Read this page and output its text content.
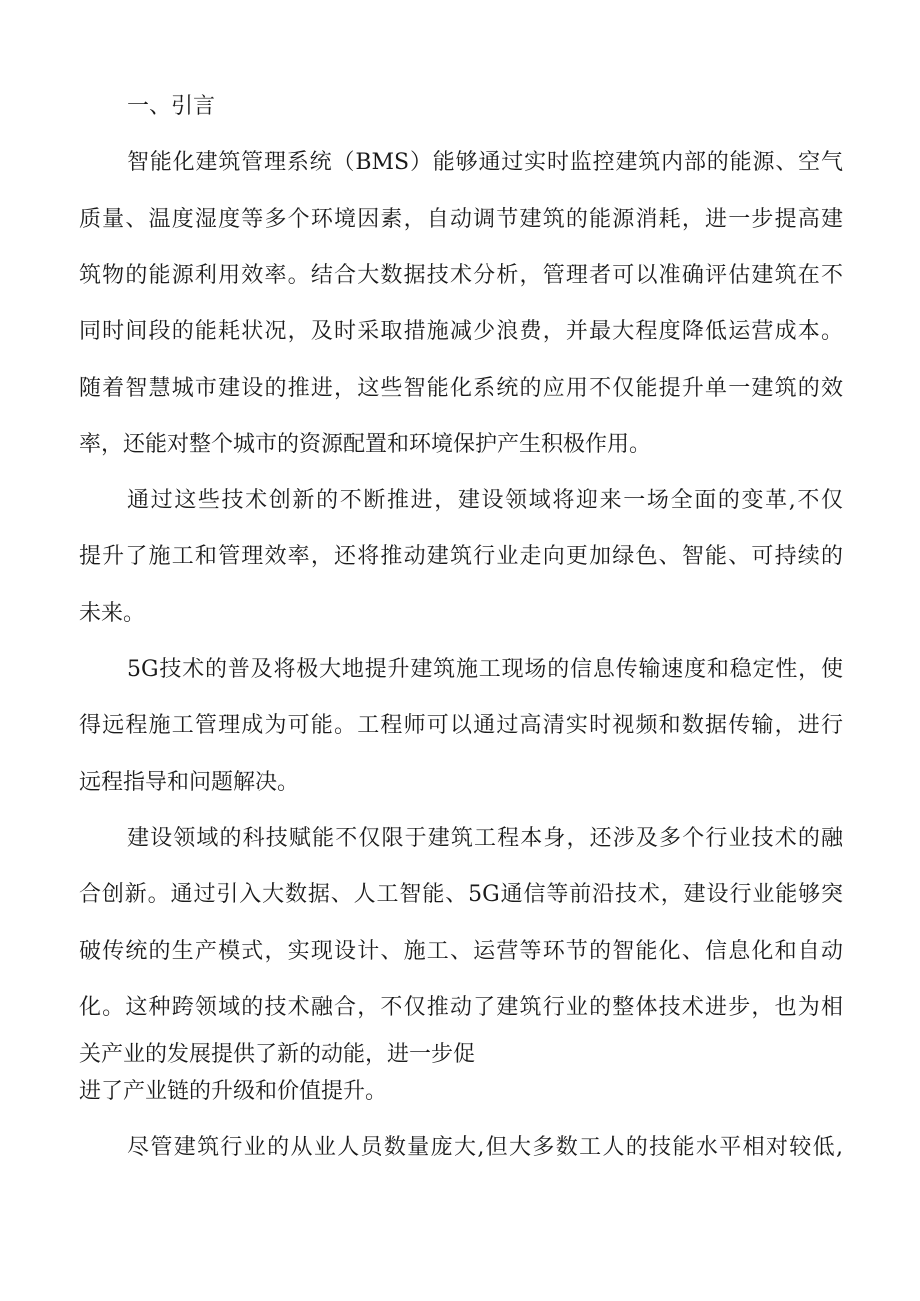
一、引言
智能化建筑管理系统（BMS）能够通过实时监控建筑内部的能源、空气
质量、温度湿度等多个环境因素，自动调节建筑的能源消耗，进一步提高建
筑物的能源利用效率。结合大数据技术分析，管理者可以准确评估建筑在不
同时间段的能耗状况，及时采取措施减少浪费，并最大程度降低运营成本。
随着智慧城市建设的推进，这些智能化系统的应用不仅能提升单一建筑的效
率，还能对整个城市的资源配置和环境保护产生积极作用。
通过这些技术创新的不断推进，建设领域将迎来一场全面的变革,不仅
提升了施工和管理效率，还将推动建筑行业走向更加绿色、智能、可持续的
未来。
5G技术的普及将极大地提升建筑施工现场的信息传输速度和稳定性，使
得远程施工管理成为可能。工程师可以通过高清实时视频和数据传输，进行
远程指导和问题解决。
建设领域的科技赋能不仅限于建筑工程本身，还涉及多个行业技术的融
合创新。通过引入大数据、人工智能、5G通信等前沿技术，建设行业能够突
破传统的生产模式，实现设计、施工、运营等环节的智能化、信息化和自动
化。这种跨领域的技术融合，不仅推动了建筑行业的整体技术进步，也为相
关产业的发展提供了新的动能，进一步促
进了产业链的升级和价值提升。
尽管建筑行业的从业人员数量庞大,但大多数工人的技能水平相对较低,
